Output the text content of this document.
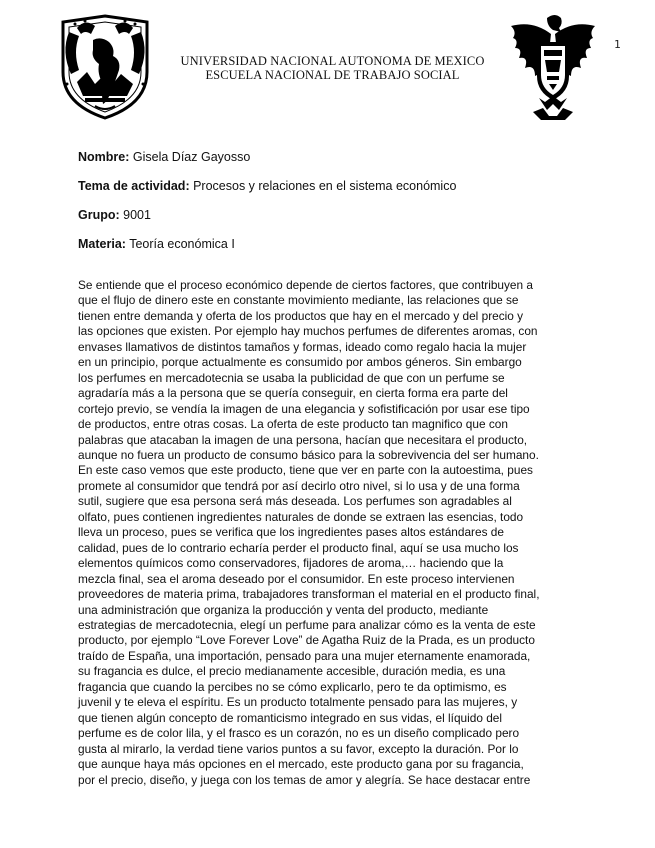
1
UNIVERSIDAD NACIONAL AUTONOMA DE MEXICO
ESCUELA NACIONAL DE TRABAJO SOCIAL
Nombre: Gisela Díaz Gayosso
Tema de actividad: Procesos y relaciones en el sistema económico
Grupo: 9001
Materia: Teoría económica I
Se entiende que el proceso económico depende de ciertos factores, que contribuyen a
que el flujo de dinero este en constante movimiento mediante, las relaciones que se
tienen entre demanda y oferta de los productos que hay en el mercado y del precio y
las opciones que existen. Por ejemplo hay muchos perfumes de diferentes aromas, con
envases llamativos de distintos tamaños y formas, ideado como regalo hacia la mujer
en un principio, porque actualmente es consumido por ambos géneros. Sin embargo
los perfumes en mercadotecnia se usaba la publicidad de que con un perfume se
agradaría más a la persona que se quería conseguir, en cierta forma era parte del
cortejo previo, se vendía la imagen de una elegancia y sofistificación por usar ese tipo
de productos, entre otras cosas. La oferta de este producto tan magnifico que con
palabras que atacaban la imagen de una persona, hacían que necesitara el producto,
aunque no fuera un producto de consumo básico para la sobrevivencia del ser humano.
En este caso vemos que este producto, tiene que ver en parte con la autoestima, pues
promete al consumidor que tendrá por así decirlo otro nivel, si lo usa y de una forma
sutil, sugiere que esa persona será más deseada. Los perfumes son agradables al
olfato, pues contienen ingredientes naturales de donde se extraen las esencias, todo
lleva un proceso, pues se verifica que los ingredientes pases altos estándares de
calidad, pues de lo contrario echaría perder el producto final, aquí se usa mucho los
elementos químicos como conservadores, fijadores de aroma,… haciendo que la
mezcla final, sea el aroma deseado por el consumidor. En este proceso intervienen
proveedores de materia prima, trabajadores transforman el material en el producto final,
una administración que organiza la producción y venta del producto, mediante
estrategias de mercadotecnia, elegí un perfume para analizar cómo es la venta de este
producto, por ejemplo “Love Forever Love” de Agatha Ruiz de la Prada, es un producto
traído de España, una importación, pensado para una mujer eternamente enamorada,
su fragancia es dulce, el precio medianamente accesible, duración media, es una
fragancia que cuando la percibes no se cómo explicarlo, pero te da optimismo, es
juvenil y te eleva el espíritu. Es un producto totalmente pensado para las mujeres, y
que tienen algún concepto de romanticismo integrado en sus vidas, el líquido del
perfume es de color lila, y el frasco es un corazón, no es un diseño complicado pero
gusta al mirarlo, la verdad tiene varios puntos a su favor, excepto la duración. Por lo
que aunque haya más opciones en el mercado, este producto gana por su fragancia,
por el precio, diseño, y juega con los temas de amor y alegría. Se hace destacar entre
